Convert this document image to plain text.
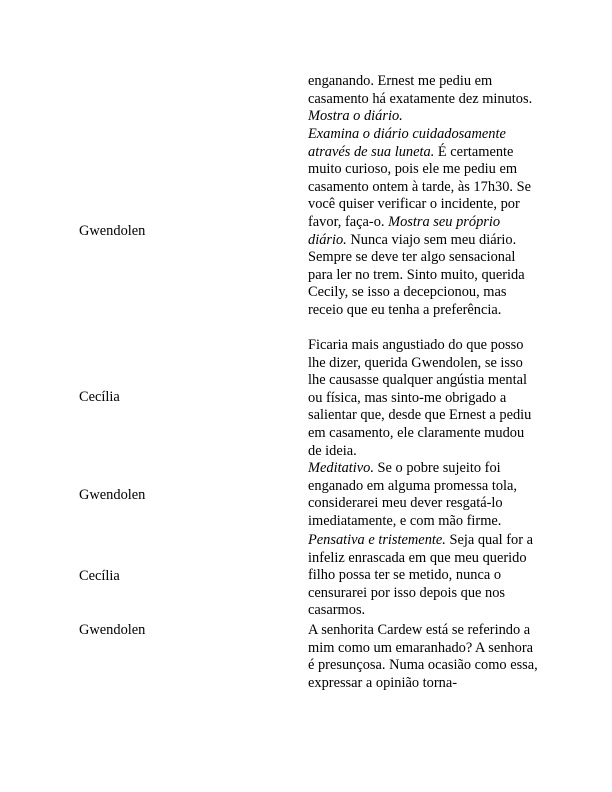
enganando. Ernest me pediu em casamento há exatamente dez minutos. Mostra o diário.

Gwendolen

Examina o diário cuidadosamente através de sua luneta. É certamente muito curioso, pois ele me pediu em casamento ontem à tarde, às 17h30. Se você quiser verificar o incidente, por favor, faça-o. Mostra seu próprio diário. Nunca viajo sem meu diário. Sempre se deve ter algo sensacional para ler no trem. Sinto muito, querida Cecily, se isso a decepcionou, mas receio que eu tenha a preferência.

Cecília

Ficaria mais angustiado do que posso lhe dizer, querida Gwendolen, se isso lhe causasse qualquer angústia mental ou física, mas sinto-me obrigado a salientar que, desde que Ernest a pediu em casamento, ele claramente mudou de ideia.

Gwendolen

Meditativo. Se o pobre sujeito foi enganado em alguma promessa tola, considerarei meu dever resgatá-lo imediatamente, e com mão firme.

Cecília

Pensativa e tristemente. Seja qual for a infeliz enrascada em que meu querido filho possa ter se metido, nunca o censurarei por isso depois que nos casarmos.

Gwendolen	A senhorita Cardew está se referindo a mim como um emaranhado? A senhora é presunçosa. Numa ocasião como essa, expressar a opinião torna-
